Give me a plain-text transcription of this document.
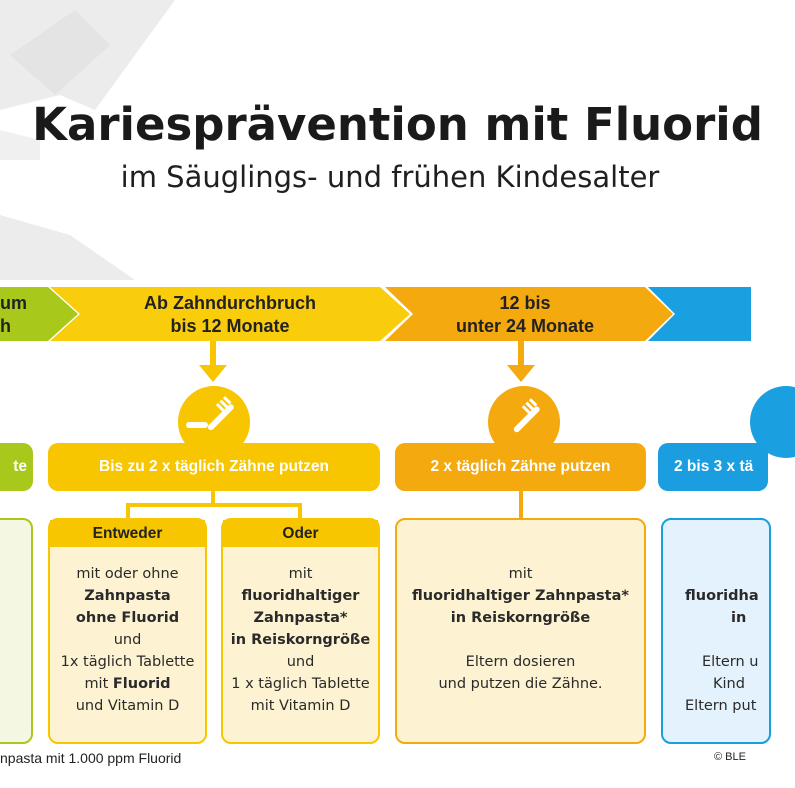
Kariesprävention mit Fluorid
im Säuglings- und frühen Kindesalter
um
h
Ab Zahndurchbruch
bis 12 Monate
12 bis
unter 24 Monate
te	Bis zu 2 x täglich Zähne putzen	2 x täglich Zähne putzen	2 bis 3 x tä
Entweder
mit oder ohne
Zahnpasta
ohne Fluorid
und
1x täglich Tablette
mit Fluorid
und Vitamin D
Oder
mit
fluoridhaltiger
Zahnpasta*
in Reiskorngröße
und
1 x täglich Tablette
mit Vitamin D
mit
fluoridhaltiger Zahnpasta*
in Reiskorngröße
Eltern dosieren
und putzen die Zähne.
fluoridha
in
Eltern u
Kind
Eltern put
npasta mit 1.000 ppm Fluorid	© BLE
